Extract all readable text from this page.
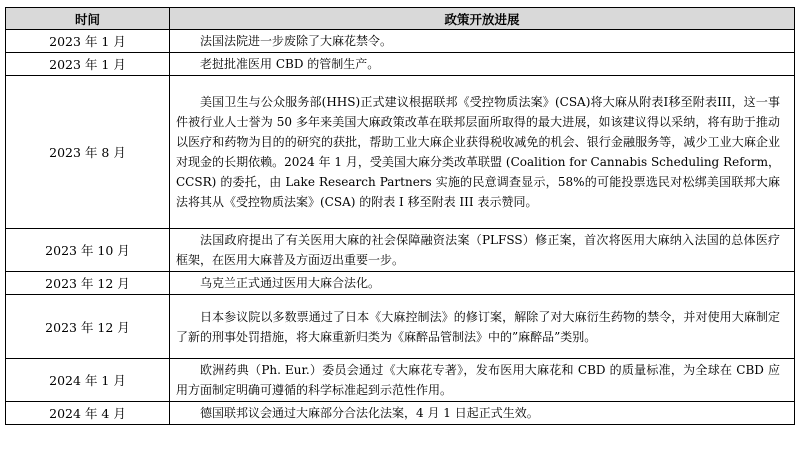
时间	政策开放进展
2023 年 1 月	法国法院进一步废除了大麻花禁令。
2023 年 1 月	老挝批准医用 CBD 的管制生产。
2023 年 8 月	美国卫生与公众服务部(HHS)正式建议根据联邦《受控物质法案》(CSA)将大麻从附表I移至附表III，这一事件被行业人士誉为 50 多年来美国大麻政策改革在联邦层面所取得的最大进展，如该建议得以采纳，将有助于推动以医疗和药物为目的的研究的获批，帮助工业大麻企业获得税收减免的机会、银行金融服务等，减少工业大麻企业对现金的长期依赖。2024 年 1 月，受美国大麻分类改革联盟 (Coalition for Cannabis Scheduling Reform，CCSR) 的委托，由 Lake Research Partners 实施的民意调查显示，58%的可能投票选民对松绑美国联邦大麻法将其从《受控物质法案》(CSA) 的附表 I 移至附表 III 表示赞同。
2023 年 10 月	法国政府提出了有关医用大麻的社会保障融资法案（PLFSS）修正案，首次将医用大麻纳入法国的总体医疗框架，在医用大麻普及方面迈出重要一步。
2023 年 12 月	乌克兰正式通过医用大麻合法化。
2023 年 12 月	日本参议院以多数票通过了日本《大麻控制法》的修订案，解除了对大麻衍生药物的禁令，并对使用大麻制定了新的刑事处罚措施，将大麻重新归类为《麻醉品管制法》中的”麻醉品”类别。
2024 年 1 月	欧洲药典（Ph. Eur.）委员会通过《大麻花专著》，发布医用大麻花和 CBD 的质量标准，为全球在 CBD 应用方面制定明确可遵循的科学标准起到示范性作用。
2024 年 4 月	德国联邦议会通过大麻部分合法化法案，4 月 1 日起正式生效。
